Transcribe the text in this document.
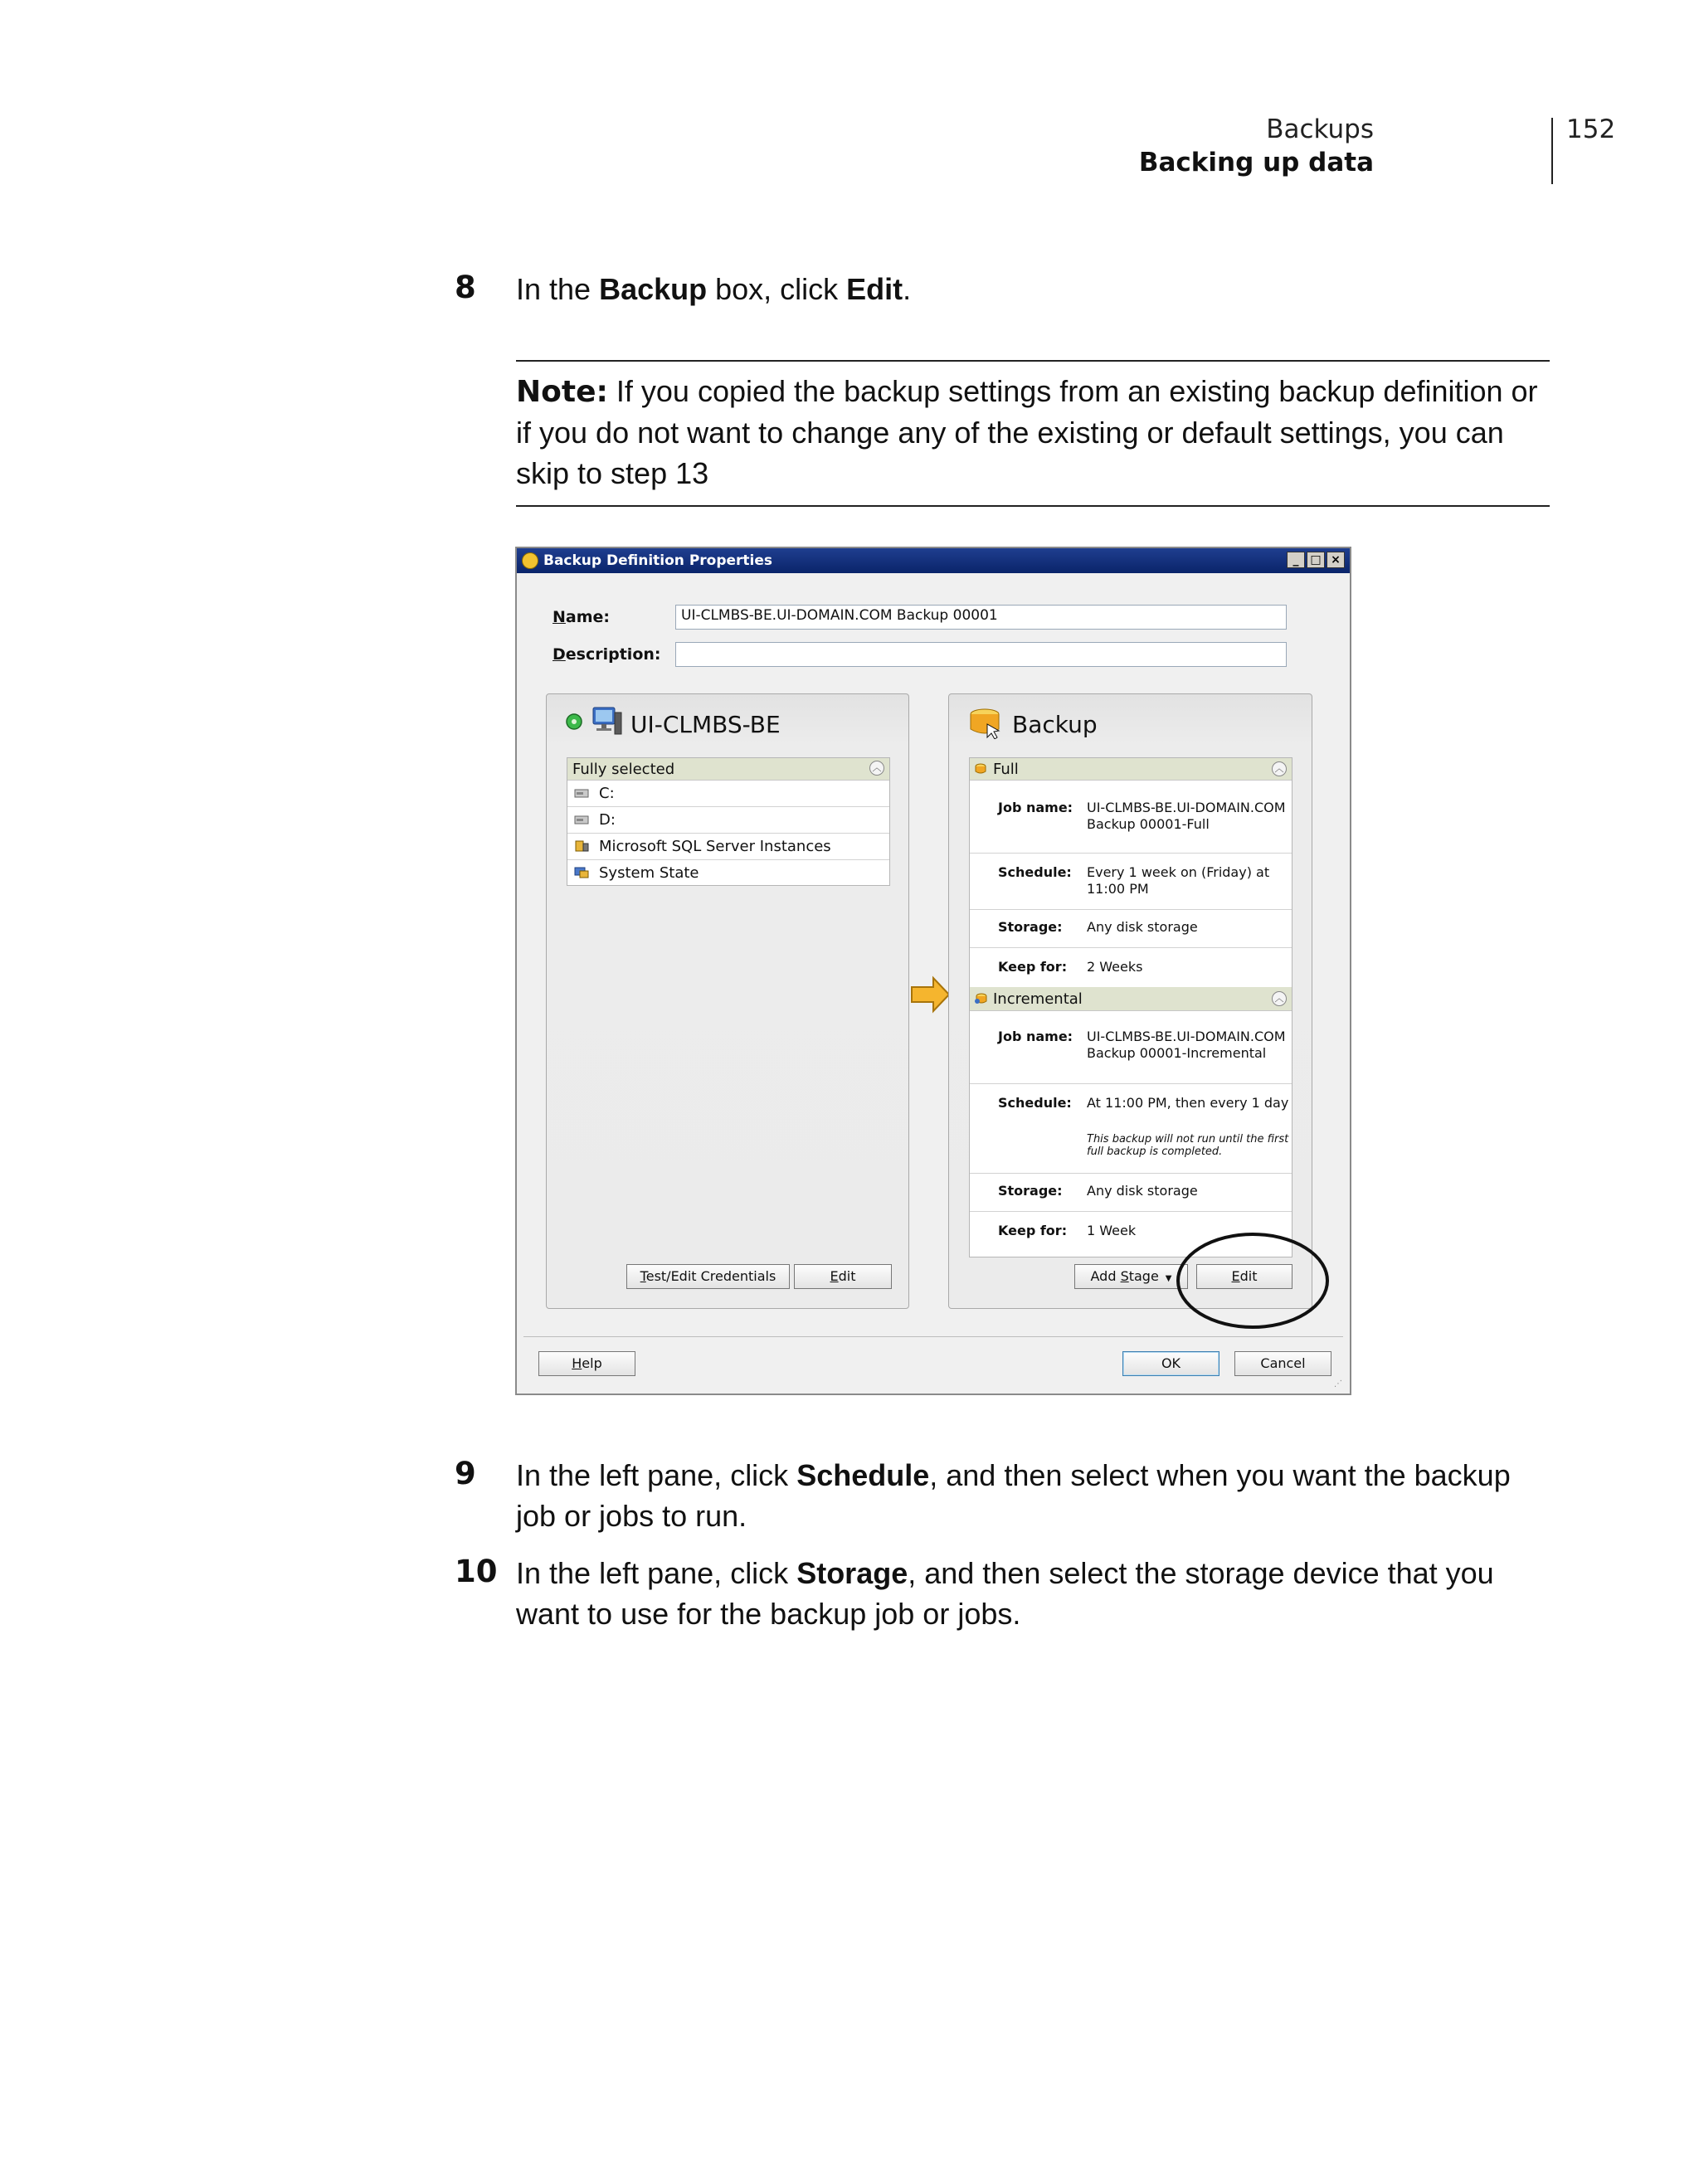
Backups
Backing up data
152
8 In the Backup box, click Edit.
Note: If you copied the backup settings from an existing backup definition or if you do not want to change any of the existing or default settings, you can skip to step 13
Backup Definition Properties	_ □ ×
Name:	UI-CLMBS-BE.UI-DOMAIN.COM Backup 00001
Description:
UI-CLMBS-BE
Fully selected	︿
C:
D:
Microsoft SQL Server Instances
System State
Test/Edit Credentials	Edit
Backup
Full	︿
Job name: UI-CLMBS-BE.UI-DOMAIN.COM Backup 00001-Full
Schedule: Every 1 week on (Friday) at 11:00 PM
Storage: Any disk storage
Keep for: 2 Weeks
Incremental	︿
Job name: UI-CLMBS-BE.UI-DOMAIN.COM Backup 00001-Incremental
Schedule: At 11:00 PM, then every 1 day
This backup will not run until the first full backup is completed.
Storage: Any disk storage
Keep for: 1 Week
Add Stage ▼	Edit
Help	OK	Cancel
⋰
9 In the left pane, click Schedule, and then select when you want the backup job or jobs to run.
10 In the left pane, click Storage, and then select the storage device that you want to use for the backup job or jobs.
